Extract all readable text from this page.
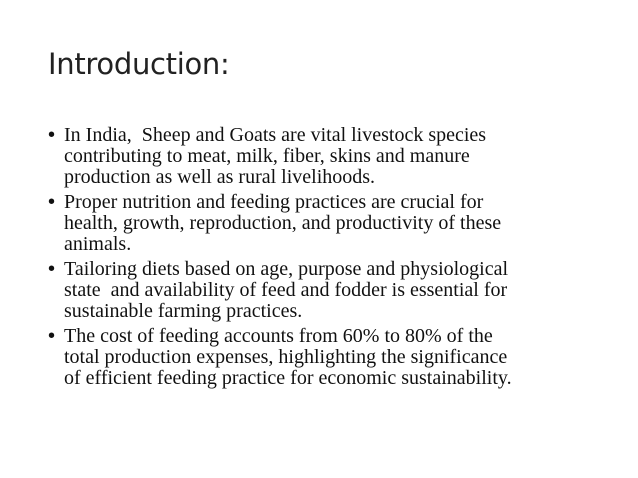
Introduction:
• In India,  Sheep and Goats are vital livestock species
contributing to meat, milk, fiber, skins and manure
production as well as rural livelihoods.
• Proper nutrition and feeding practices are crucial for
health, growth, reproduction, and productivity of these
animals.
• Tailoring diets based on age, purpose and physiological
state  and availability of feed and fodder is essential for
sustainable farming practices.
• The cost of feeding accounts from 60% to 80% of the
total production expenses, highlighting the significance
of efficient feeding practice for economic sustainability.
